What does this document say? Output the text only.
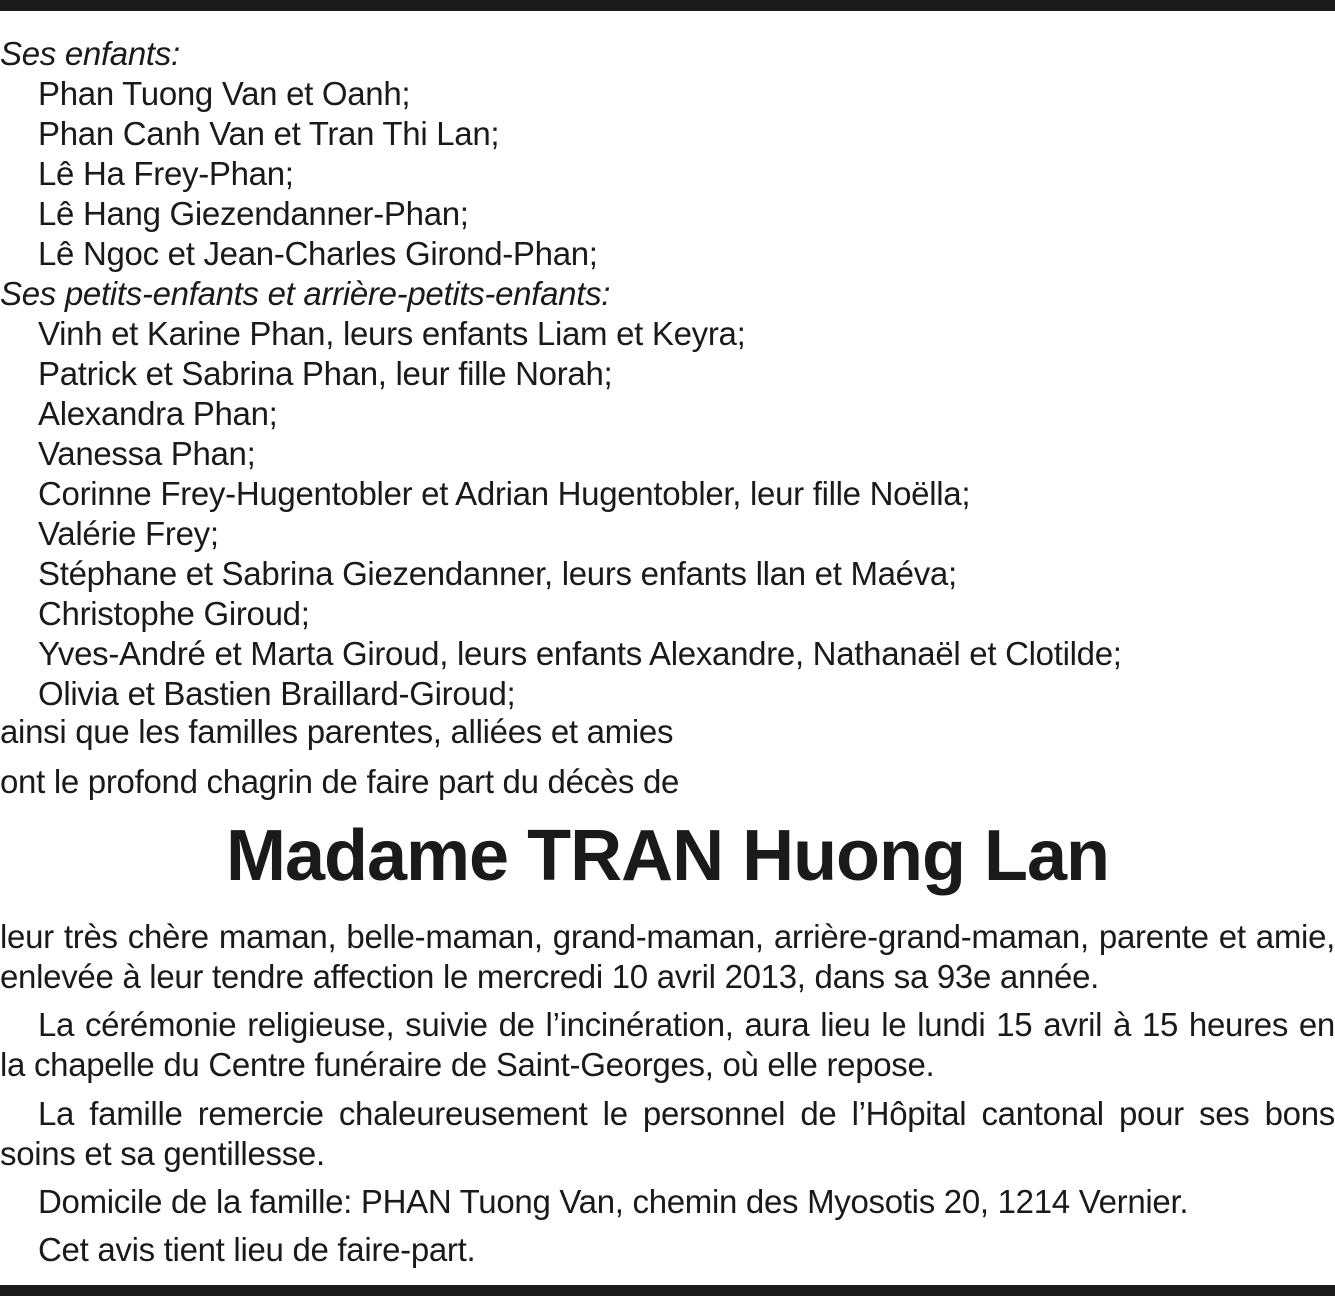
Ses enfants:
Phan Tuong Van et Oanh;
Phan Canh Van et Tran Thi Lan;
Lê Ha Frey-Phan;
Lê Hang Giezendanner-Phan;
Lê Ngoc et Jean-Charles Girond-Phan;
Ses petits-enfants et arrière-petits-enfants:
Vinh et Karine Phan, leurs enfants Liam et Keyra;
Patrick et Sabrina Phan, leur fille Norah;
Alexandra Phan;
Vanessa Phan;
Corinne Frey-Hugentobler et Adrian Hugentobler, leur fille Noëlla;
Valérie Frey;
Stéphane et Sabrina Giezendanner, leurs enfants llan et Maéva;
Christophe Giroud;
Yves-André et Marta Giroud, leurs enfants Alexandre, Nathanaël et Clotilde;
Olivia et Bastien Braillard-Giroud;
ainsi que les familles parentes, alliées et amies
ont le profond chagrin de faire part du décès de
Madame TRAN Huong Lan
leur très chère maman, belle-maman, grand-maman, arrière-grand-maman, parente et amie, enlevée à leur tendre affection le mercredi 10 avril 2013, dans sa 93e année.
La cérémonie religieuse, suivie de l’incinération, aura lieu le lundi 15 avril à 15 heures en la chapelle du Centre funéraire de Saint-Georges, où elle repose.
La famille remercie chaleureusement le personnel de l’Hôpital cantonal pour ses bons soins et sa gentillesse.
Domicile de la famille: PHAN Tuong Van, chemin des Myosotis 20, 1214 Vernier.
Cet avis tient lieu de faire-part.
